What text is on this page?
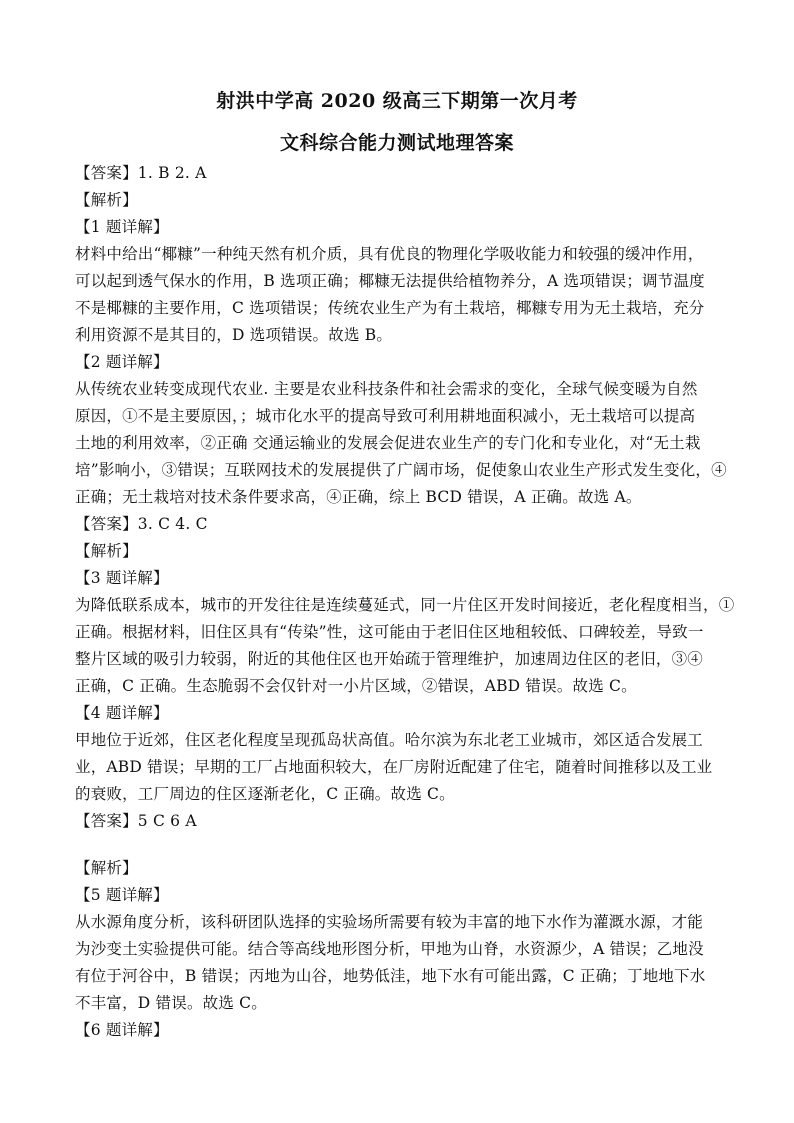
射洪中学高 2020 级高三下期第一次月考
文科综合能力测试地理答案
【答案】1. B 2. A
【解析】
【1 题详解】
材料中给出“椰糠”一种纯天然有机介质，具有优良的物理化学吸收能力和较强的缓冲作用，
可以起到透气保水的作用，B 选项正确；椰糠无法提供给植物养分，A 选项错误；调节温度
不是椰糠的主要作用，C 选项错误；传统农业生产为有土栽培，椰糠专用为无土栽培，充分
利用资源不是其目的，D 选项错误。故选 B。
【2 题详解】
从传统农业转变成现代农业. 主要是农业科技条件和社会需求的变化，全球气候变暖为自然
原因，①不是主要原因，；城市化水平的提高导致可利用耕地面积减小，无土栽培可以提高
土地的利用效率，②正确 交通运输业的发展会促进农业生产的专门化和专业化，对“无土栽
培”影响小，③错误；互联网技术的发展提供了广阔市场，促使象山农业生产形式发生变化，④
正确；无土栽培对技术条件要求高，④正确，综上 BCD 错误，A 正确。故选 A。
【答案】3. C 4. C
【解析】
【3 题详解】
为降低联系成本，城市的开发往往是连续蔓延式，同一片住区开发时间接近，老化程度相当，①
正确。根据材料，旧住区具有“传染”性，这可能由于老旧住区地租较低、口碑较差，导致一
整片区域的吸引力较弱，附近的其他住区也开始疏于管理维护，加速周边住区的老旧，③④
正确，C 正确。生态脆弱不会仅针对一小片区域，②错误，ABD 错误。故选 C。
【4 题详解】
甲地位于近郊，住区老化程度呈现孤岛状高值。哈尔滨为东北老工业城市，郊区适合发展工
业，ABD 错误；早期的工厂占地面积较大，在厂房附近配建了住宅，随着时间推移以及工业
的衰败，工厂周边的住区逐渐老化，C 正确。故选 C。
【答案】5 C 6 A
【解析】
【5 题详解】
从水源角度分析，该科研团队选择的实验场所需要有较为丰富的地下水作为灌溉水源，才能
为沙变土实验提供可能。结合等高线地形图分析，甲地为山脊，水资源少，A 错误；乙地没
有位于河谷中，B 错误；丙地为山谷，地势低洼，地下水有可能出露，C 正确；丁地地下水
不丰富，D 错误。故选 C。
【6 题详解】
